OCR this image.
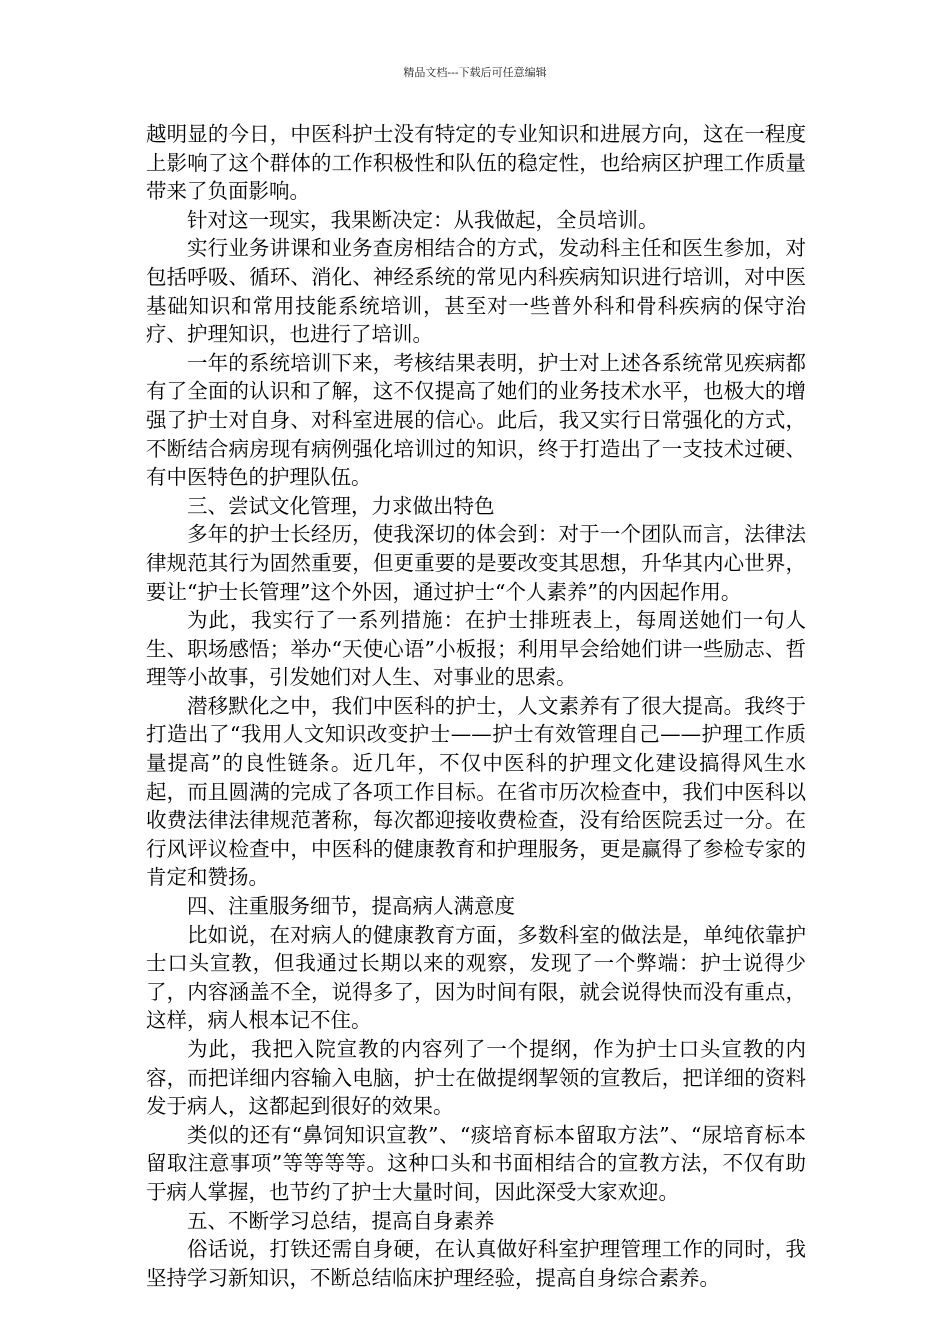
精品文档---下载后可任意编辑

越明显的今日，中医科护士没有特定的专业知识和进展方向，这在一程度上影响了这个群体的工作积极性和队伍的稳定性，也给病区护理工作质量带来了负面影响。

针对这一现实，我果断决定：从我做起，全员培训。

实行业务讲课和业务查房相结合的方式，发动科主任和医生参加，对包括呼吸、循环、消化、神经系统的常见内科疾病知识进行培训，对中医基础知识和常用技能系统培训，甚至对一些普外科和骨科疾病的保守治疗、护理知识，也进行了培训。

一年的系统培训下来，考核结果表明，护士对上述各系统常见疾病都有了全面的认识和了解，这不仅提高了她们的业务技术水平，也极大的增强了护士对自身、对科室进展的信心。此后，我又实行日常强化的方式，不断结合病房现有病例强化培训过的知识，终于打造出了一支技术过硬、有中医特色的护理队伍。

三、尝试文化管理，力求做出特色

多年的护士长经历，使我深切的体会到：对于一个团队而言，法律法律规范其行为固然重要，但更重要的是要改变其思想，升华其内心世界，要让“护士长管理”这个外因，通过护士“个人素养”的内因起作用。

为此，我实行了一系列措施：在护士排班表上，每周送她们一句人生、职场感悟；举办“天使心语”小板报；利用早会给她们讲一些励志、哲理等小故事，引发她们对人生、对事业的思索。

潜移默化之中，我们中医科的护士，人文素养有了很大提高。我终于打造出了“我用人文知识改变护士——护士有效管理自己——护理工作质量提高”的良性链条。近几年，不仅中医科的护理文化建设搞得风生水起，而且圆满的完成了各项工作目标。在省市历次检查中，我们中医科以收费法律法律规范著称，每次都迎接收费检查，没有给医院丢过一分。在行风评议检查中，中医科的健康教育和护理服务，更是赢得了参检专家的肯定和赞扬。

四、注重服务细节，提高病人满意度

比如说，在对病人的健康教育方面，多数科室的做法是，单纯依靠护士口头宣教，但我通过长期以来的观察，发现了一个弊端：护士说得少了，内容涵盖不全，说得多了，因为时间有限，就会说得快而没有重点，这样，病人根本记不住。

为此，我把入院宣教的内容列了一个提纲，作为护士口头宣教的内容，而把详细内容输入电脑，护士在做提纲挈领的宣教后，把详细的资料发于病人，这都起到很好的效果。

类似的还有“鼻饲知识宣教”、“痰培育标本留取方法”、“尿培育标本留取注意事项”等等等等。这种口头和书面相结合的宣教方法，不仅有助于病人掌握，也节约了护士大量时间，因此深受大家欢迎。

五、不断学习总结，提高自身素养

俗话说，打铁还需自身硬，在认真做好科室护理管理工作的同时，我坚持学习新知识，不断总结临床护理经验，提高自身综合素养。
